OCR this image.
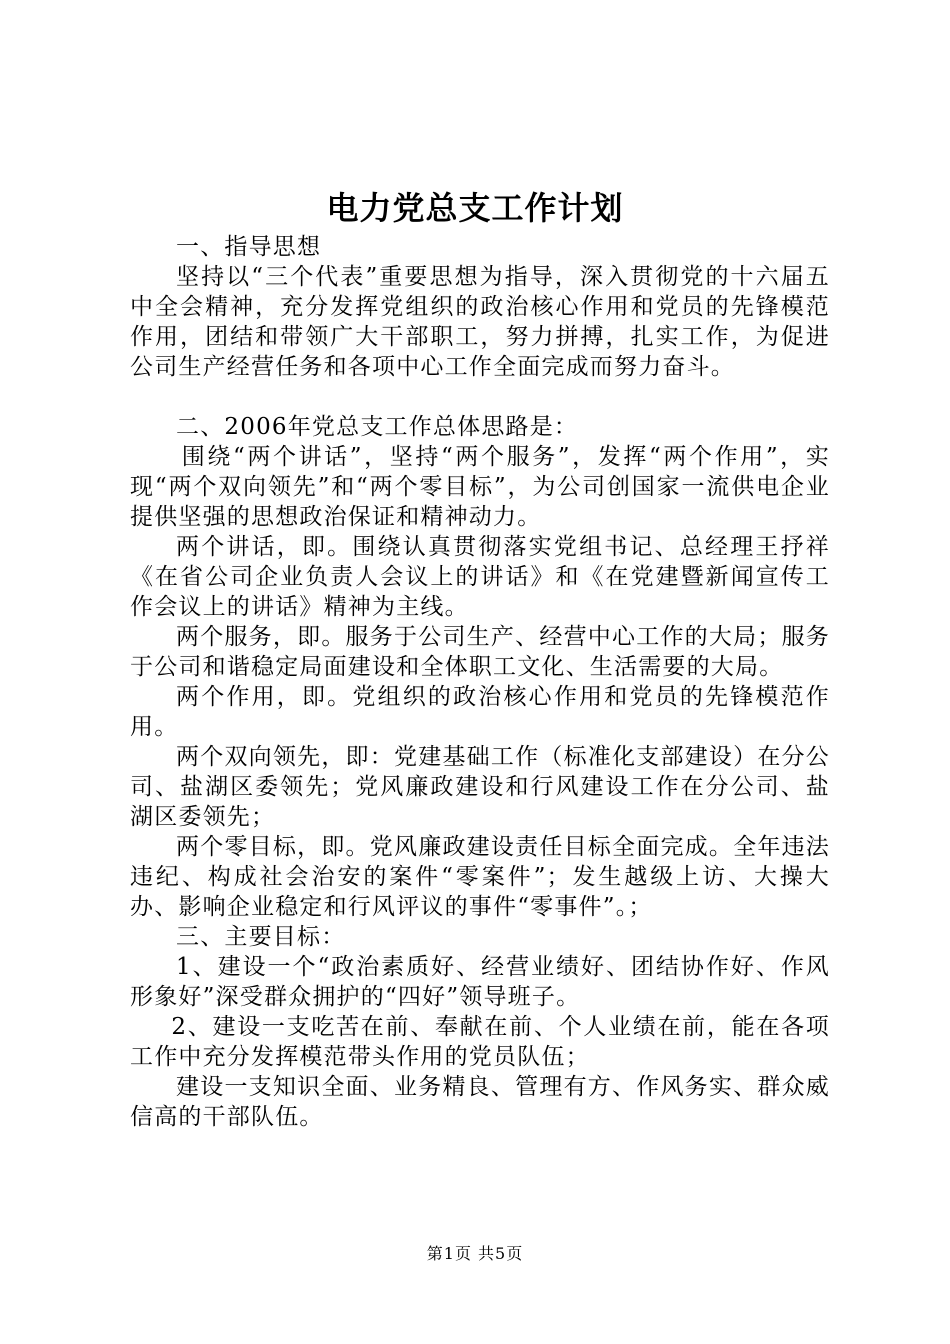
电力党总支工作计划

一、指导思想

坚持以“三个代表”重要思想为指导，深入贯彻党的十六届五中全会精神，充分发挥党组织的政治核心作用和党员的先锋模范作用，团结和带领广大干部职工，努力拼搏，扎实工作，为促进公司生产经营任务和各项中心工作全面完成而努力奋斗。

二、2006年党总支工作总体思路是：

围绕“两个讲话”，坚持“两个服务”，发挥“两个作用”，实现“两个双向领先”和“两个零目标”，为公司创国家一流供电企业提供坚强的思想政治保证和精神动力。

两个讲话，即。围绕认真贯彻落实党组书记、总经理王抒祥《在省公司企业负责人会议上的讲话》和《在党建暨新闻宣传工作会议上的讲话》精神为主线。

两个服务，即。服务于公司生产、经营中心工作的大局；服务于公司和谐稳定局面建设和全体职工文化、生活需要的大局。

两个作用，即。党组织的政治核心作用和党员的先锋模范作用。

两个双向领先，即：党建基础工作（标准化支部建设）在分公司、盐湖区委领先；党风廉政建设和行风建设工作在分公司、盐湖区委领先；

两个零目标，即。党风廉政建设责任目标全面完成。全年违法违纪、构成社会治安的案件“零案件”；发生越级上访、大操大办、影响企业稳定和行风评议的事件“零事件”。；

三、主要目标：

1、建设一个“政治素质好、经营业绩好、团结协作好、作风形象好”深受群众拥护的“四好”领导班子。

2、建设一支吃苦在前、奉献在前、个人业绩在前，能在各项工作中充分发挥模范带头作用的党员队伍；

建设一支知识全面、业务精良、管理有方、作风务实、群众威信高的干部队伍。

第1页 共5页
